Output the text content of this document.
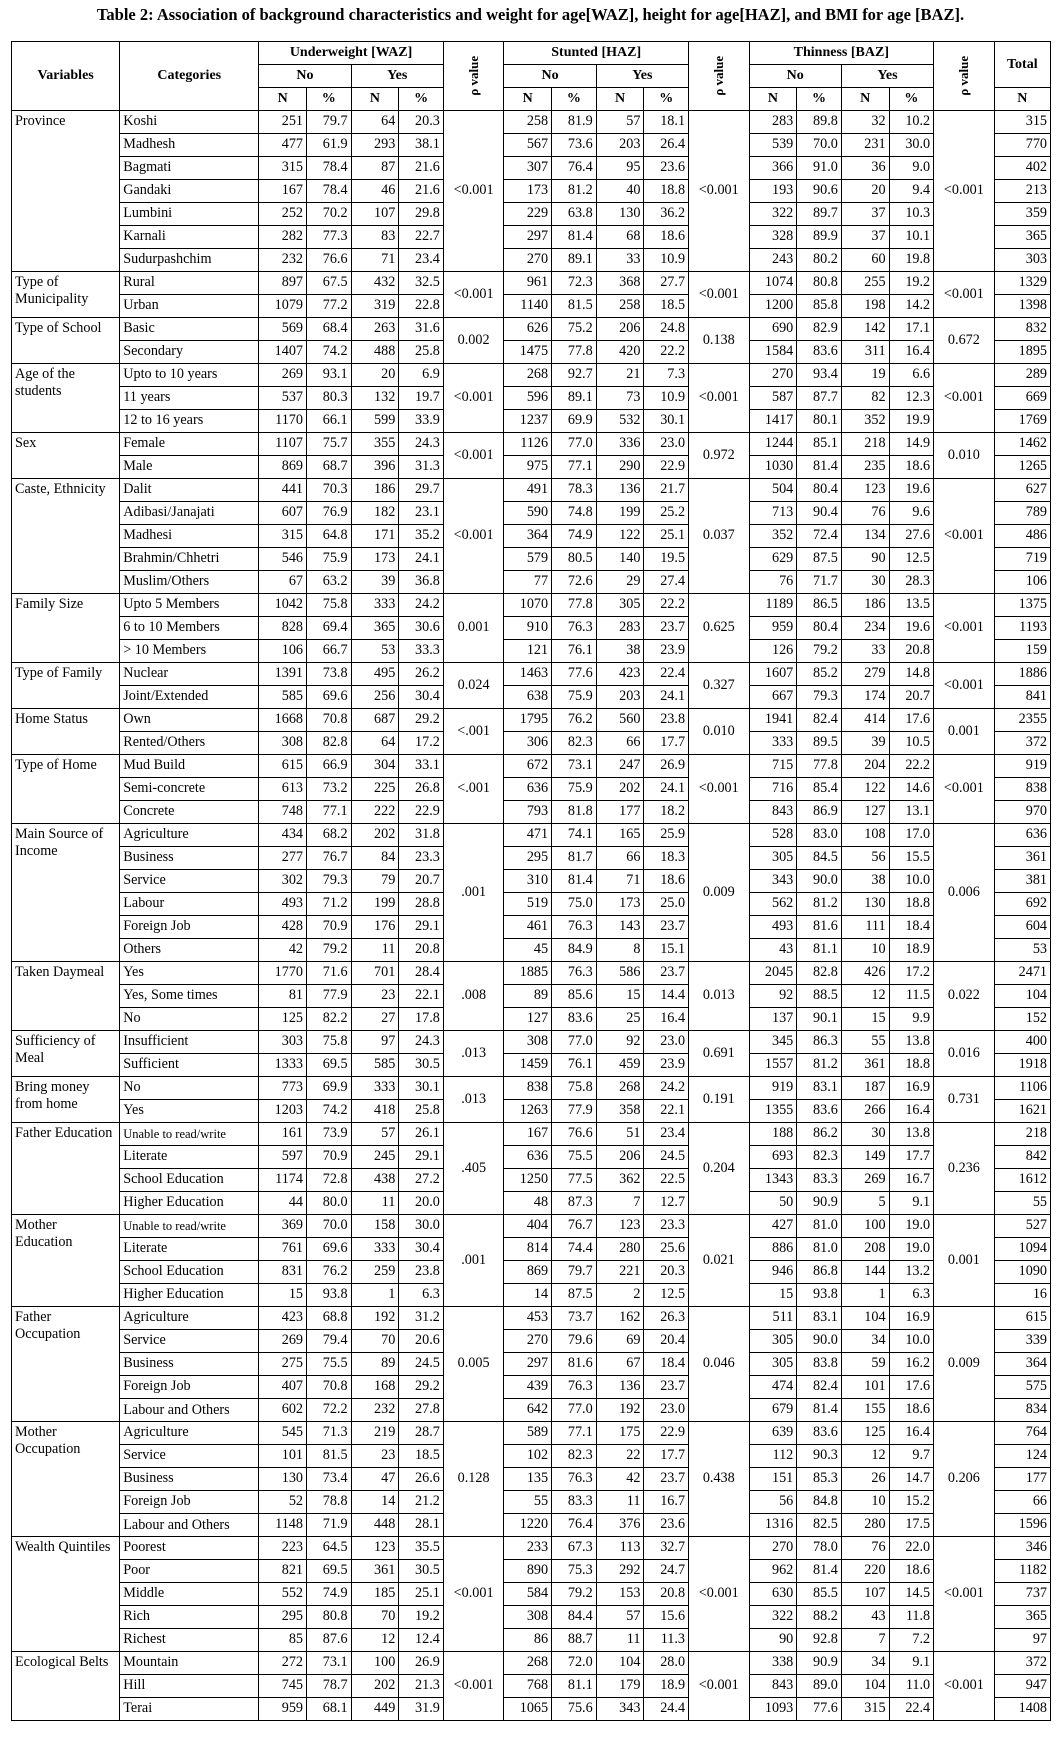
Table 2: Association of background characteristics and weight for age[WAZ], height for age[HAZ], and BMI for age [BAZ].
Variables	Categories	Underweight [WAZ]				ρ value	Stunted [HAZ]				ρ value	Thinness [BAZ]				ρ value	Total
		No		Yes			No		Yes			No		Yes			
		N	%	N	%		N	%	N	%		N	%	N	%		N
Province	Koshi	251	79.7	64	20.3	<0.001	258	81.9	57	18.1	<0.001	283	89.8	32	10.2	<0.001	315
	Madhesh	477	61.9	293	38.1		567	73.6	203	26.4		539	70.0	231	30.0		770
	Bagmati	315	78.4	87	21.6		307	76.4	95	23.6		366	91.0	36	9.0		402
	Gandaki	167	78.4	46	21.6		173	81.2	40	18.8		193	90.6	20	9.4		213
	Lumbini	252	70.2	107	29.8		229	63.8	130	36.2		322	89.7	37	10.3		359
	Karnali	282	77.3	83	22.7		297	81.4	68	18.6		328	89.9	37	10.1		365
	Sudurpashchim	232	76.6	71	23.4		270	89.1	33	10.9		243	80.2	60	19.8		303
Type of Municipality	Rural	897	67.5	432	32.5	<0.001	961	72.3	368	27.7	<0.001	1074	80.8	255	19.2	<0.001	1329
	Urban	1079	77.2	319	22.8		1140	81.5	258	18.5		1200	85.8	198	14.2		1398
Type of School	Basic	569	68.4	263	31.6	0.002	626	75.2	206	24.8	0.138	690	82.9	142	17.1	0.672	832
	Secondary	1407	74.2	488	25.8		1475	77.8	420	22.2		1584	83.6	311	16.4		1895
Age of the students	Upto to 10 years	269	93.1	20	6.9	<0.001	268	92.7	21	7.3	<0.001	270	93.4	19	6.6	<0.001	289
	11 years	537	80.3	132	19.7		596	89.1	73	10.9		587	87.7	82	12.3		669
	12 to 16 years	1170	66.1	599	33.9		1237	69.9	532	30.1		1417	80.1	352	19.9		1769
Sex	Female	1107	75.7	355	24.3	<0.001	1126	77.0	336	23.0	0.972	1244	85.1	218	14.9	0.010	1462
	Male	869	68.7	396	31.3		975	77.1	290	22.9		1030	81.4	235	18.6		1265
Caste, Ethnicity	Dalit	441	70.3	186	29.7	<0.001	491	78.3	136	21.7	0.037	504	80.4	123	19.6	<0.001	627
	Adibasi/Janajati	607	76.9	182	23.1		590	74.8	199	25.2		713	90.4	76	9.6		789
	Madhesi	315	64.8	171	35.2		364	74.9	122	25.1		352	72.4	134	27.6		486
	Brahmin/Chhetri	546	75.9	173	24.1		579	80.5	140	19.5		629	87.5	90	12.5		719
	Muslim/Others	67	63.2	39	36.8		77	72.6	29	27.4		76	71.7	30	28.3		106
Family Size	Upto 5 Members	1042	75.8	333	24.2	0.001	1070	77.8	305	22.2	0.625	1189	86.5	186	13.5	<0.001	1375
	6 to 10 Members	828	69.4	365	30.6		910	76.3	283	23.7		959	80.4	234	19.6		1193
	> 10 Members	106	66.7	53	33.3		121	76.1	38	23.9		126	79.2	33	20.8		159
Type of Family	Nuclear	1391	73.8	495	26.2	0.024	1463	77.6	423	22.4	0.327	1607	85.2	279	14.8	<0.001	1886
	Joint/Extended	585	69.6	256	30.4		638	75.9	203	24.1		667	79.3	174	20.7		841
Home Status	Own	1668	70.8	687	29.2	<.001	1795	76.2	560	23.8	0.010	1941	82.4	414	17.6	0.001	2355
	Rented/Others	308	82.8	64	17.2		306	82.3	66	17.7		333	89.5	39	10.5		372
Type of Home	Mud Build	615	66.9	304	33.1	<.001	672	73.1	247	26.9	<0.001	715	77.8	204	22.2	<0.001	919
	Semi-concrete	613	73.2	225	26.8		636	75.9	202	24.1		716	85.4	122	14.6		838
	Concrete	748	77.1	222	22.9		793	81.8	177	18.2		843	86.9	127	13.1		970
Main Source of Income	Agriculture	434	68.2	202	31.8	.001	471	74.1	165	25.9	0.009	528	83.0	108	17.0	0.006	636
	Business	277	76.7	84	23.3		295	81.7	66	18.3		305	84.5	56	15.5		361
	Service	302	79.3	79	20.7		310	81.4	71	18.6		343	90.0	38	10.0		381
	Labour	493	71.2	199	28.8		519	75.0	173	25.0		562	81.2	130	18.8		692
	Foreign Job	428	70.9	176	29.1		461	76.3	143	23.7		493	81.6	111	18.4		604
	Others	42	79.2	11	20.8		45	84.9	8	15.1		43	81.1	10	18.9		53
Taken Daymeal	Yes	1770	71.6	701	28.4	.008	1885	76.3	586	23.7	0.013	2045	82.8	426	17.2	0.022	2471
	Yes, Some times	81	77.9	23	22.1		89	85.6	15	14.4		92	88.5	12	11.5		104
	No	125	82.2	27	17.8		127	83.6	25	16.4		137	90.1	15	9.9		152
Sufficiency of Meal	Insufficient	303	75.8	97	24.3	.013	308	77.0	92	23.0	0.691	345	86.3	55	13.8	0.016	400
	Sufficient	1333	69.5	585	30.5		1459	76.1	459	23.9		1557	81.2	361	18.8		1918
Bring money from home	No	773	69.9	333	30.1	.013	838	75.8	268	24.2	0.191	919	83.1	187	16.9	0.731	1106
	Yes	1203	74.2	418	25.8		1263	77.9	358	22.1		1355	83.6	266	16.4		1621
Father Education	Unable to read/write	161	73.9	57	26.1	.405	167	76.6	51	23.4	0.204	188	86.2	30	13.8	0.236	218
	Literate	597	70.9	245	29.1		636	75.5	206	24.5		693	82.3	149	17.7		842
	School Education	1174	72.8	438	27.2		1250	77.5	362	22.5		1343	83.3	269	16.7		1612
	Higher Education	44	80.0	11	20.0		48	87.3	7	12.7		50	90.9	5	9.1		55
Mother Education	Unable to read/write	369	70.0	158	30.0	.001	404	76.7	123	23.3	0.021	427	81.0	100	19.0	0.001	527
	Literate	761	69.6	333	30.4		814	74.4	280	25.6		886	81.0	208	19.0		1094
	School Education	831	76.2	259	23.8		869	79.7	221	20.3		946	86.8	144	13.2		1090
	Higher Education	15	93.8	1	6.3		14	87.5	2	12.5		15	93.8	1	6.3		16
Father Occupation	Agriculture	423	68.8	192	31.2	0.005	453	73.7	162	26.3	0.046	511	83.1	104	16.9	0.009	615
	Service	269	79.4	70	20.6		270	79.6	69	20.4		305	90.0	34	10.0		339
	Business	275	75.5	89	24.5		297	81.6	67	18.4		305	83.8	59	16.2		364
	Foreign Job	407	70.8	168	29.2		439	76.3	136	23.7		474	82.4	101	17.6		575
	Labour and Others	602	72.2	232	27.8		642	77.0	192	23.0		679	81.4	155	18.6		834
Mother Occupation	Agriculture	545	71.3	219	28.7	0.128	589	77.1	175	22.9	0.438	639	83.6	125	16.4	0.206	764
	Service	101	81.5	23	18.5		102	82.3	22	17.7		112	90.3	12	9.7		124
	Business	130	73.4	47	26.6		135	76.3	42	23.7		151	85.3	26	14.7		177
	Foreign Job	52	78.8	14	21.2		55	83.3	11	16.7		56	84.8	10	15.2		66
	Labour and Others	1148	71.9	448	28.1		1220	76.4	376	23.6		1316	82.5	280	17.5		1596
Wealth Quintiles	Poorest	223	64.5	123	35.5	<0.001	233	67.3	113	32.7	<0.001	270	78.0	76	22.0	<0.001	346
	Poor	821	69.5	361	30.5		890	75.3	292	24.7		962	81.4	220	18.6		1182
	Middle	552	74.9	185	25.1		584	79.2	153	20.8		630	85.5	107	14.5		737
	Rich	295	80.8	70	19.2		308	84.4	57	15.6		322	88.2	43	11.8		365
	Richest	85	87.6	12	12.4		86	88.7	11	11.3		90	92.8	7	7.2		97
Ecological Belts	Mountain	272	73.1	100	26.9	<0.001	268	72.0	104	28.0	<0.001	338	90.9	34	9.1	<0.001	372
	Hill	745	78.7	202	21.3		768	81.1	179	18.9		843	89.0	104	11.0		947
	Terai	959	68.1	449	31.9		1065	75.6	343	24.4		1093	77.6	315	22.4		1408
